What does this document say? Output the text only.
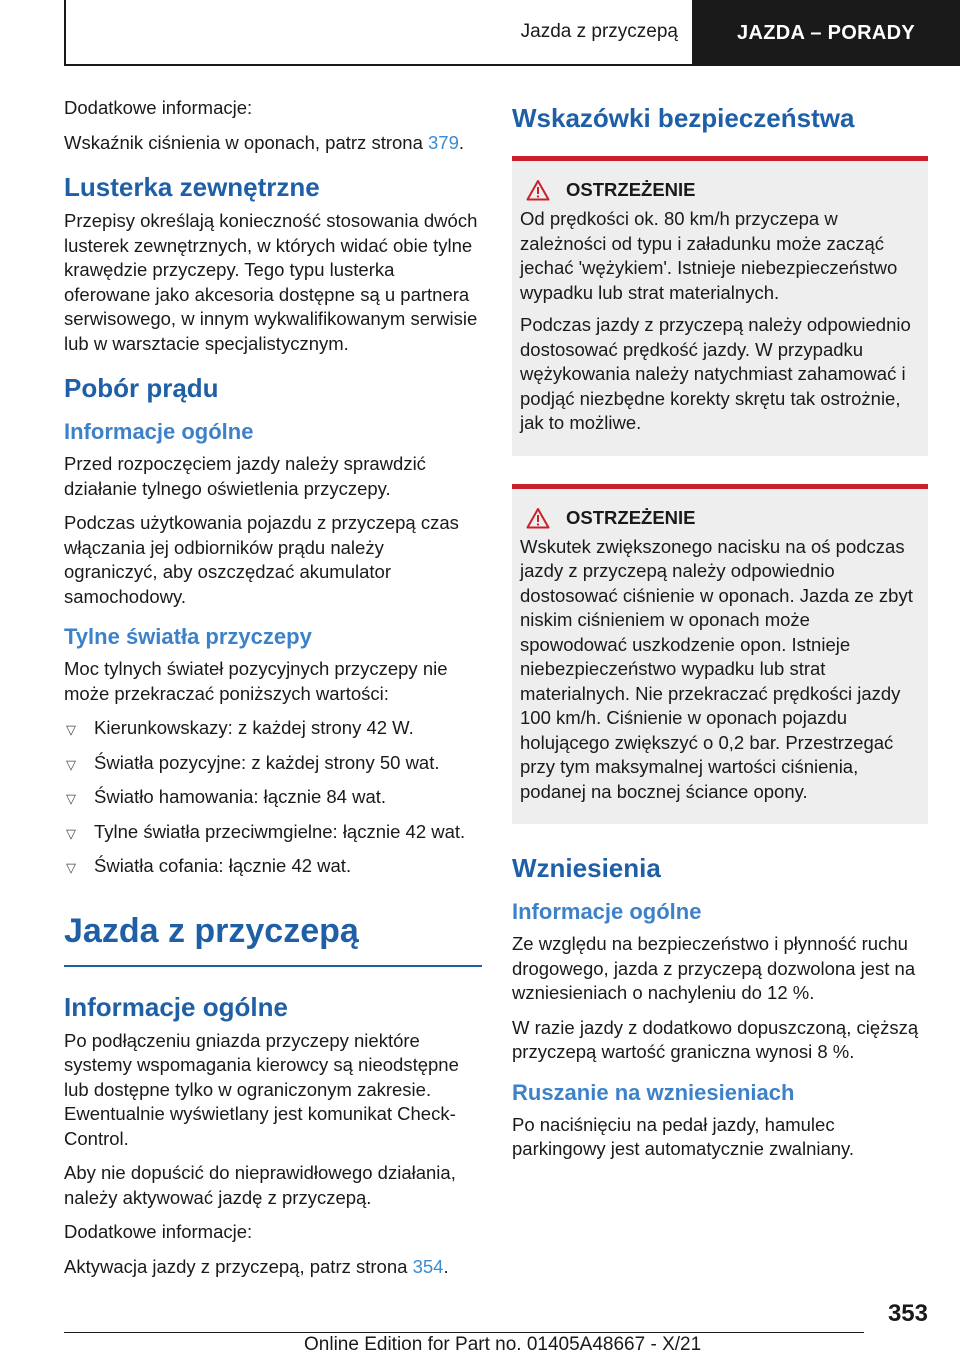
Jazda z przyczepą	JAZDA – PORADY

Dodatkowe informacje:

Wskaźnik ciśnienia w oponach, patrz strona 379.

Lusterka zewnętrzne

Przepisy określają konieczność stosowania dwóch lusterek zewnętrznych, w których widać obie tylne krawędzie przyczepy. Tego typu lusterka oferowane jako akcesoria dostępne są u partnera serwisowego, w innym wykwalifikowanym serwisie lub w warsztacie specjalistycznym.

Pobór prądu
Informacje ogólne

Przed rozpoczęciem jazdy należy sprawdzić działanie tylnego oświetlenia przyczepy.

Podczas użytkowania pojazdu z przyczepą czas włączania jej odbiorników prądu należy ograniczyć, aby oszczędzać akumulator samochodowy.

Tylne światła przyczepy

Moc tylnych świateł pozycyjnych przyczepy nie może przekraczać poniższych wartości:

▽ Kierunkowskazy: z każdej strony 42 W.
▽ Światła pozycyjne: z każdej strony 50 wat.
▽ Światło hamowania: łącznie 84 wat.
▽ Tylne światła przeciwmgielne: łącznie 42 wat.
▽ Światła cofania: łącznie 42 wat.
Jazda z przyczepą
Informacje ogólne

Po podłączeniu gniazda przyczepy niektóre systemy wspomagania kierowcy są nieodstępne lub dostępne tylko w ograniczonym zakresie. Ewentualnie wyświetlany jest komunikat Check-Control.

Aby nie dopuścić do nieprawidłowego działania, należy aktywować jazdę z przyczepą.

Dodatkowe informacje:

Aktywacja jazdy z przyczepą, patrz strona 354.

Wskazówki bezpieczeństwa
OSTRZEŻENIE

Od prędkości ok. 80 km/h przyczepa w zależności od typu i załadunku może zacząć jechać 'wężykiem'. Istnieje niebezpieczeństwo wypadku lub strat materialnych.

Podczas jazdy z przyczepą należy odpowiednio dostosować prędkość jazdy. W przypadku wężykowania należy natychmiast zahamować i podjąć niezbędne korekty skrętu tak ostrożnie, jak to możliwe.

OSTRZEŻENIE

Wskutek zwiększonego nacisku na oś podczas jazdy z przyczepą należy odpowiednio dostosować ciśnienie w oponach. Jazda ze zbyt niskim ciśnieniem w oponach może spowodować uszkodzenie opon. Istnieje niebezpieczeństwo wypadku lub strat materialnych. Nie przekraczać prędkości jazdy 100 km/h. Ciśnienie w oponach pojazdu holującego zwiększyć o 0,2 bar. Przestrzegać przy tym maksymalnej wartości ciśnienia, podanej na bocznej ściance opony.

Wzniesienia
Informacje ogólne

Ze względu na bezpieczeństwo i płynność ruchu drogowego, jazda z przyczepą dozwolona jest na wzniesieniach o nachyleniu do 12 %.

W razie jazdy z dodatkowo dopuszczoną, cięższą przyczepą wartość graniczna wynosi 8 %.

Ruszanie na wzniesieniach

Po naciśnięciu na pedał jazdy, hamulec parkingowy jest automatycznie zwalniany.

353
Online Edition for Part no. 01405A48667 - X/21
